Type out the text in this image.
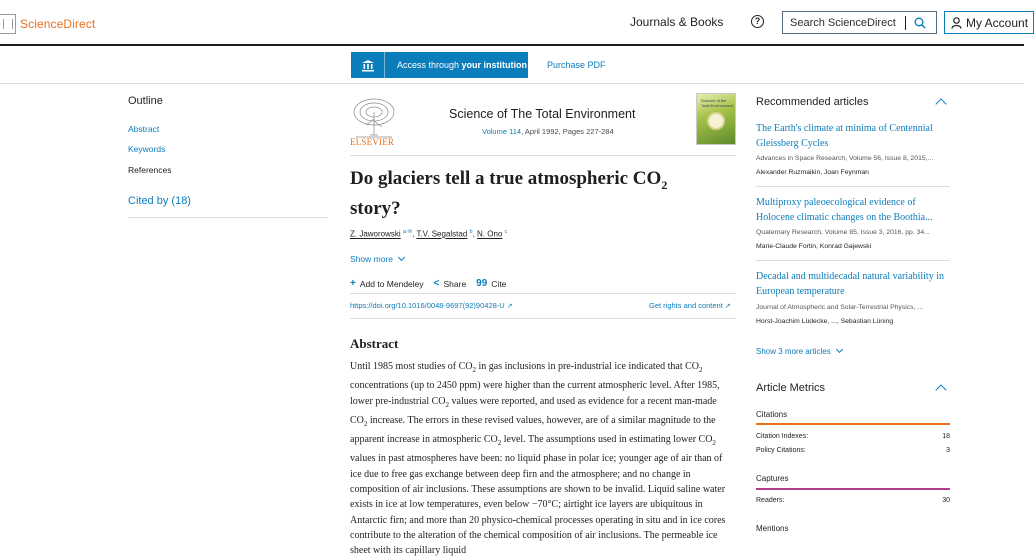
ScienceDirect	Journals & Books	?
Search ScienceDirect	My Account
Access through your institution Purchase PDF
Outline
Abstract
Keywords
References
Cited by (18)
ELSEVIER
Science of The Total Environment
Volume 114, April 1992, Pages 227-284
Science of the Total Environment
Do glaciers tell a true atmospheric $CO_2$
story?
Z. Jaworowski $^{a ✉}$, T.V. Segalstad $^b$, N. Ono $^c$
Show more
+ Add to Mendeley < Share 99 Cite
https://doi.org/10.1016/0048-9697(92)90428-U ↗	Get rights and content ↗
Abstract

Until 1985 most studies of $CO_2$ in gas inclusions in pre-industrial ice indicated that $CO_2$ concentrations (up to 2450 ppm) were higher than the current atmospheric level. After 1985, lower pre-industrial $CO_2$ values were reported, and used as evidence for a recent man-made $CO_2$ increase. The errors in these revised values, however, are of a similar magnitude to the apparent increase in atmospheric $CO_2$ level. The assumptions used in estimating lower $CO_2$ values in past atmospheres have been: no liquid phase in polar ice; younger age of air than of ice due to free gas exchange between deep firn and the atmosphere; and no change in composition of air inclusions. These assumptions are shown to be invalid. Liquid saline water exists in ice at low temperatures, even below −70°C; airtight ice layers are ubiquitous in Antarctic firn; and more than 20 physico-chemical processes operating in situ and in ice cores contribute to the alteration of the chemical composition of air inclusions. The permeable ice sheet with its capillary liquid

Recommended articles
The Earth's climate at minima of Centennial Gleissberg Cycles
Advances in Space Research, Volume 56, Issue 8, 2015,...
Alexander Ruzmaikin, Joan Feynman
Multiproxy paleoecological evidence of Holocene climatic changes on the Boothia...
Quaternary Research, Volume 85, Issue 3, 2016, pp. 34...
Marie-Claude Fortin, Konrad Gajewski
Decadal and multidecadal natural variability in European temperature
Journal of Atmospheric and Solar-Terrestrial Physics, ...
Horst-Joachim Lüdecke, ..., Sebastian Lüning
Show 3 more articles
Article Metrics
Citations
Citation Indexes:	18
Policy Citations:	3
Captures
Readers:	30
Mentions
